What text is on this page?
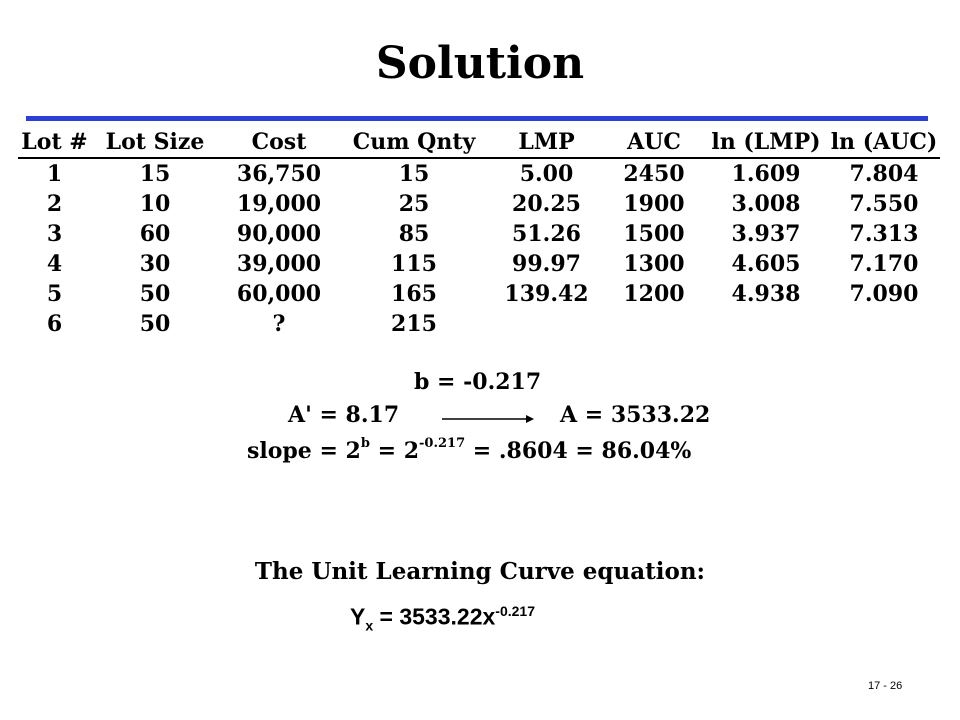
Solution
Lot #	Lot Size	Cost	Cum Qnty	LMP	AUC	ln (LMP)	ln (AUC)
1	15	36,750	15	5.00	2450	1.609	7.804
2	10	19,000	25	20.25	1900	3.008	7.550
3	60	90,000	85	51.26	1500	3.937	7.313
4	30	39,000	115	99.97	1300	4.605	7.170
5	50	60,000	165	139.42	1200	4.938	7.090
6	50	?	215				
b = -0.217
A' = 8.17	A = 3533.22
slope = $2^b = 2^{-0.217} = .8604 = 86.04\%$
The Unit Learning Curve equation:
$Y_x = 3533.22x^{-0.217}$
17 - 26
